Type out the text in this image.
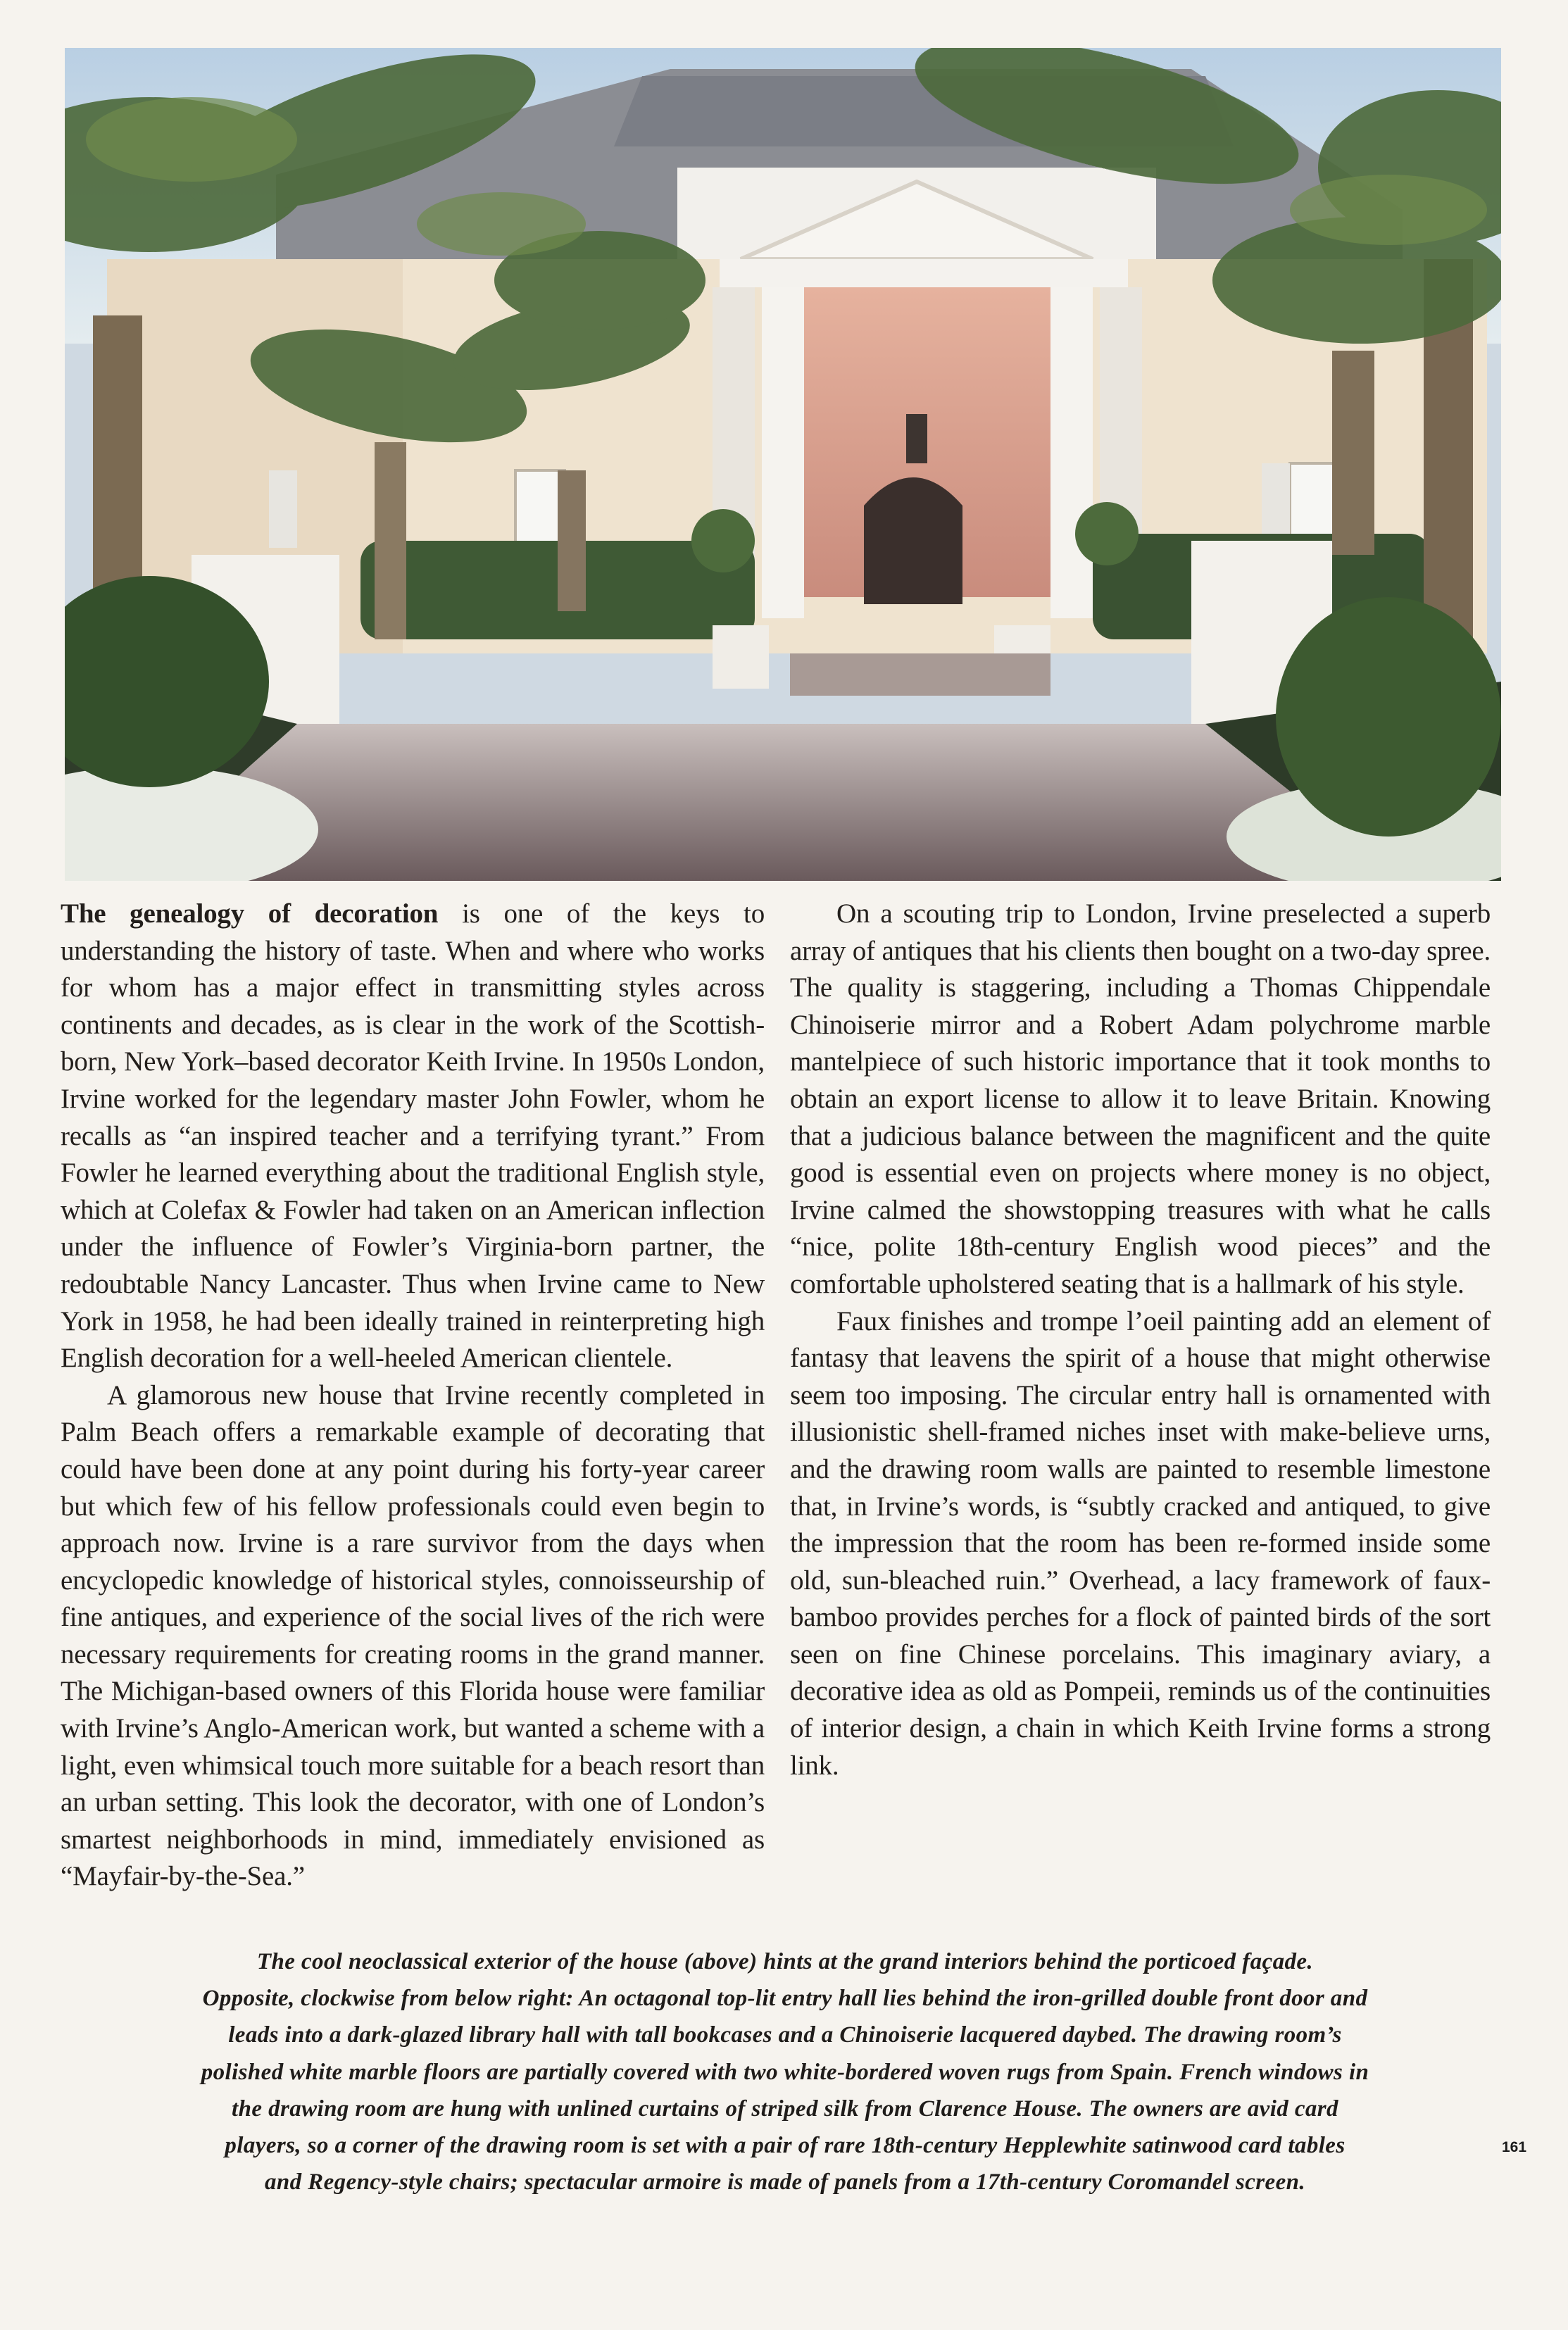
The genealogy of decoration is one of the keys to understanding the history of taste. When and where who works for whom has a major effect in transmitting styles across continents and decades, as is clear in the work of the Scottish-born, New York–based decorator Keith Irvine. In 1950s London, Irvine worked for the legendary master John Fowler, whom he recalls as “an inspired teacher and a terrifying tyrant.” From Fowler he learned everything about the traditional English style, which at Colefax & Fowler had taken on an American inflection under the influence of Fowler’s Virginia-born partner, the redoubtable Nancy Lancaster. Thus when Irvine came to New York in 1958, he had been ideally trained in reinterpreting high English decoration for a well-heeled American clientele.

A glamorous new house that Irvine recently completed in Palm Beach offers a remarkable example of decorating that could have been done at any point during his forty-year career but which few of his fellow professionals could even begin to approach now. Irvine is a rare survivor from the days when encyclopedic knowledge of historical styles, connoisseurship of fine antiques, and experience of the social lives of the rich were necessary requirements for creating rooms in the grand manner. The Michigan-based owners of this Florida house were familiar with Irvine’s Anglo-American work, but wanted a scheme with a light, even whimsical touch more suitable for a beach resort than an urban setting. This look the decorator, with one of London’s smartest neighborhoods in mind, immediately envisioned as “Mayfair-by-the-Sea.”

On a scouting trip to London, Irvine preselected a superb array of antiques that his clients then bought on a two-day spree. The quality is staggering, including a Thomas Chippendale Chinoiserie mirror and a Robert Adam polychrome marble mantelpiece of such historic importance that it took months to obtain an export license to allow it to leave Britain. Knowing that a judicious balance between the magnificent and the quite good is essential even on projects where money is no object, Irvine calmed the showstopping treasures with what he calls “nice, polite 18th-century English wood pieces” and the comfortable upholstered seating that is a hallmark of his style.

Faux finishes and trompe l’oeil painting add an element of fantasy that leavens the spirit of a house that might otherwise seem too imposing. The circular entry hall is ornamented with illusionistic shell-framed niches inset with make-believe urns, and the drawing room walls are painted to resemble limestone that, in Irvine’s words, is “subtly cracked and antiqued, to give the impression that the room has been re-formed inside some old, sun-bleached ruin.” Overhead, a lacy framework of faux-bamboo provides perches for a flock of painted birds of the sort seen on fine Chinese porcelains. This imaginary aviary, a decorative idea as old as Pompeii, reminds us of the continuities of interior design, a chain in which Keith Irvine forms a strong link.

The cool neoclassical exterior of the house (above) hints at the grand interiors behind the porticoed façade.
Opposite, clockwise from below right: An octagonal top-lit entry hall lies behind the iron-grilled double front door and
leads into a dark-glazed library hall with tall bookcases and a Chinoiserie lacquered daybed. The drawing room’s
polished white marble floors are partially covered with two white-bordered woven rugs from Spain. French windows in
the drawing room are hung with unlined curtains of striped silk from Clarence House. The owners are avid card
players, so a corner of the drawing room is set with a pair of rare 18th-century Hepplewhite satinwood card tables
and Regency-style chairs; spectacular armoire is made of panels from a 17th-century Coromandel screen.
161
